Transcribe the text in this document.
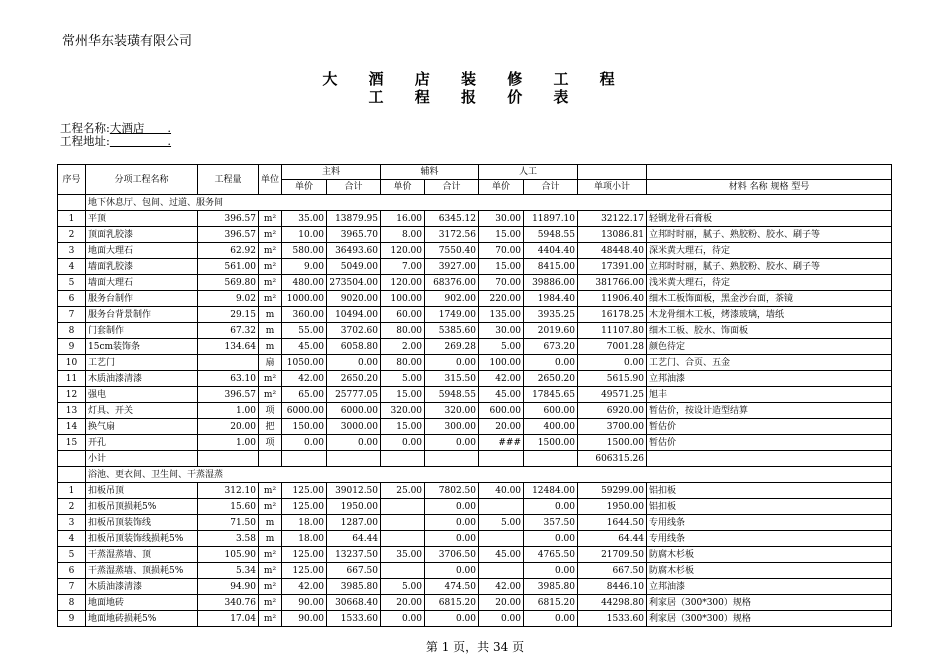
常州华东装璜有限公司
大 酒 店 装 修 工 程
工 程 报 价 表
工程名称:大酒店　　.
工程地址:　　　　　.
序号	分项工程名称	工程量	单位	主料		辅料		人工			
				单价	合计	单价	合计	单价	合计	单项小计	材料 名称 规格 型号
	地下休息厅、包间、过道、服务间										
1	平顶	396.57	m²	35.00	13879.95	16.00	6345.12	30.00	11897.10	32122.17	轻钢龙骨石膏板
2	顶面乳胶漆	396.57	m²	10.00	3965.70	8.00	3172.56	15.00	5948.55	13086.81	立邦时时丽，腻子、熟胶粉、胶水、刷子等
3	地面大理石	62.92	m²	580.00	36493.60	120.00	7550.40	70.00	4404.40	48448.40	深米黄大理石，待定
4	墙面乳胶漆	561.00	m²	9.00	5049.00	7.00	3927.00	15.00	8415.00	17391.00	立邦时时丽，腻子、熟胶粉、胶水、刷子等
5	墙面大理石	569.80	m²	480.00	273504.00	120.00	68376.00	70.00	39886.00	381766.00	浅米黄大理石，待定
6	服务台制作	9.02	m²	1000.00	9020.00	100.00	902.00	220.00	1984.40	11906.40	细木工板饰面板，黑金沙台面，茶镜
7	服务台背景制作	29.15	m	360.00	10494.00	60.00	1749.00	135.00	3935.25	16178.25	木龙骨细木工板，烤漆玻璃，墙纸
8	门套制作	67.32	m	55.00	3702.60	80.00	5385.60	30.00	2019.60	11107.80	细木工板、胶水、饰面板
9	15cm装饰条	134.64	m	45.00	6058.80	2.00	269.28	5.00	673.20	7001.28	颜色待定
10	工艺门		扇	1050.00	0.00	80.00	0.00	100.00	0.00	0.00	工艺门、合页、五金
11	木质油漆清漆	63.10	m²	42.00	2650.20	5.00	315.50	42.00	2650.20	5615.90	立邦油漆
12	强电	396.57	m²	65.00	25777.05	15.00	5948.55	45.00	17845.65	49571.25	旭丰
13	灯具、开关	1.00	项	6000.00	6000.00	320.00	320.00	600.00	600.00	6920.00	暂估价，按设计造型结算
14	换气扇	20.00	把	150.00	3000.00	15.00	300.00	20.00	400.00	3700.00	暂估价
15	开孔	1.00	项	0.00	0.00	0.00	0.00	###	1500.00	1500.00	暂估价
	小计									606315.26	
	浴池、更衣间、卫生间、干蒸湿蒸										
1	扣板吊顶	312.10	m²	125.00	39012.50	25.00	7802.50	40.00	12484.00	59299.00	铝扣板
2	扣板吊顶损耗5%	15.60	m²	125.00	1950.00		0.00		0.00	1950.00	铝扣板
3	扣板吊顶装饰线	71.50	m	18.00	1287.00		0.00	5.00	357.50	1644.50	专用线条
4	扣板吊顶装饰线损耗5%	3.58	m	18.00	64.44		0.00		0.00	64.44	专用线条
5	干蒸湿蒸墙、顶	105.90	m²	125.00	13237.50	35.00	3706.50	45.00	4765.50	21709.50	防腐木杉板
6	干蒸湿蒸墙、顶损耗5%	5.34	m²	125.00	667.50		0.00		0.00	667.50	防腐木杉板
7	木质油漆清漆	94.90	m²	42.00	3985.80	5.00	474.50	42.00	3985.80	8446.10	立邦油漆
8	地面地砖	340.76	m²	90.00	30668.40	20.00	6815.20	20.00	6815.20	44298.80	利家居（300*300）规格
9	地面地砖损耗5%	17.04	m²	90.00	1533.60	0.00	0.00	0.00	0.00	1533.60	利家居（300*300）规格
第 1 页，共 34 页
